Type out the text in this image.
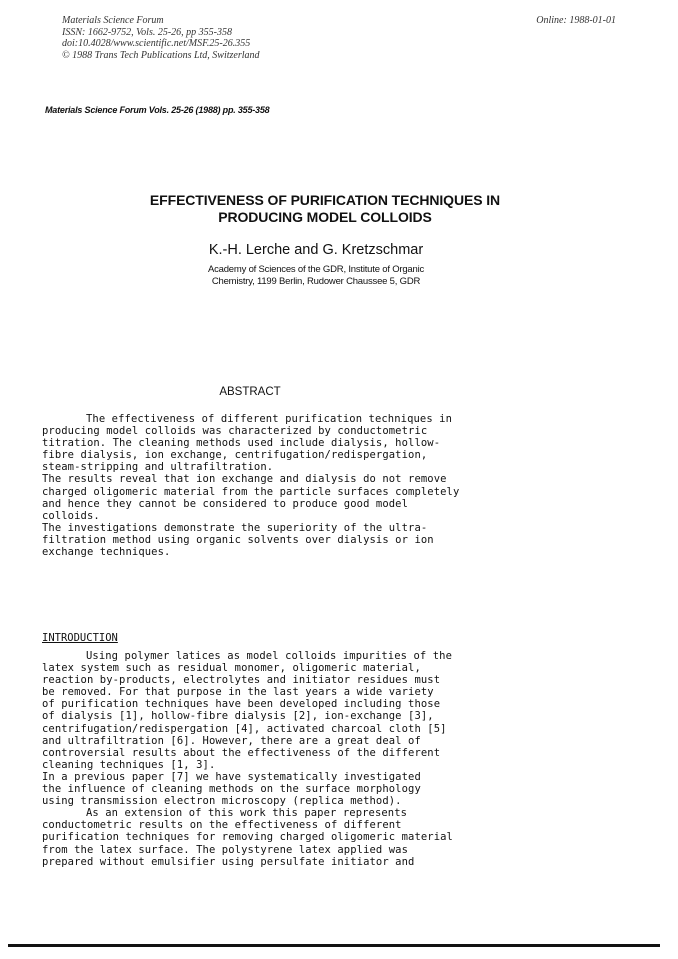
Materials Science Forum
ISSN: 1662-9752, Vols. 25-26, pp 355-358
doi:10.4028/www.scientific.net/MSF.25-26.355
© 1988 Trans Tech Publications Ltd, Switzerland
Online: 1988-01-01
Materials Science Forum Vols. 25-26 (1988) pp. 355-358
EFFECTIVENESS OF PURIFICATION TECHNIQUES IN
PRODUCING MODEL COLLOIDS
K.-H. Lerche and G. Kretzschmar
Academy of Sciences of the GDR, Institute of Organic
Chemistry, 1199 Berlin, Rudower Chaussee 5, GDR
ABSTRACT
The effectiveness of different purification techniques in
producing model colloids was characterized by conductometric
titration. The cleaning methods used include dialysis, hollow-
fibre dialysis, ion exchange, centrifugation/redispergation,
steam-stripping and ultrafiltration.
The results reveal that ion exchange and dialysis do not remove
charged oligomeric material from the particle surfaces completely
and hence they cannot be considered to produce good model
colloids.
The investigations demonstrate the superiority of the ultra-
filtration method using organic solvents over dialysis or ion
exchange techniques.
INTRODUCTION
Using polymer latices as model colloids impurities of the
latex system such as residual monomer, oligomeric material,
reaction by-products, electrolytes and initiator residues must
be removed. For that purpose in the last years a wide variety
of purification techniques have been developed including those
of dialysis [1], hollow-fibre dialysis [2], ion-exchange [3],
centrifugation/redispergation [4], activated charcoal cloth [5]
and ultrafiltration [6]. However, there are a great deal of
controversial results about the effectiveness of the different
cleaning techniques [1, 3].
In a previous paper [7] we have systematically investigated
the influence of cleaning methods on the surface morphology
using transmission electron microscopy (replica method).
As an extension of this work this paper represents
conductometric results on the effectiveness of different
purification techniques for removing charged oligomeric material
from the latex surface. The polystyrene latex applied was
prepared without emulsifier using persulfate initiator and
